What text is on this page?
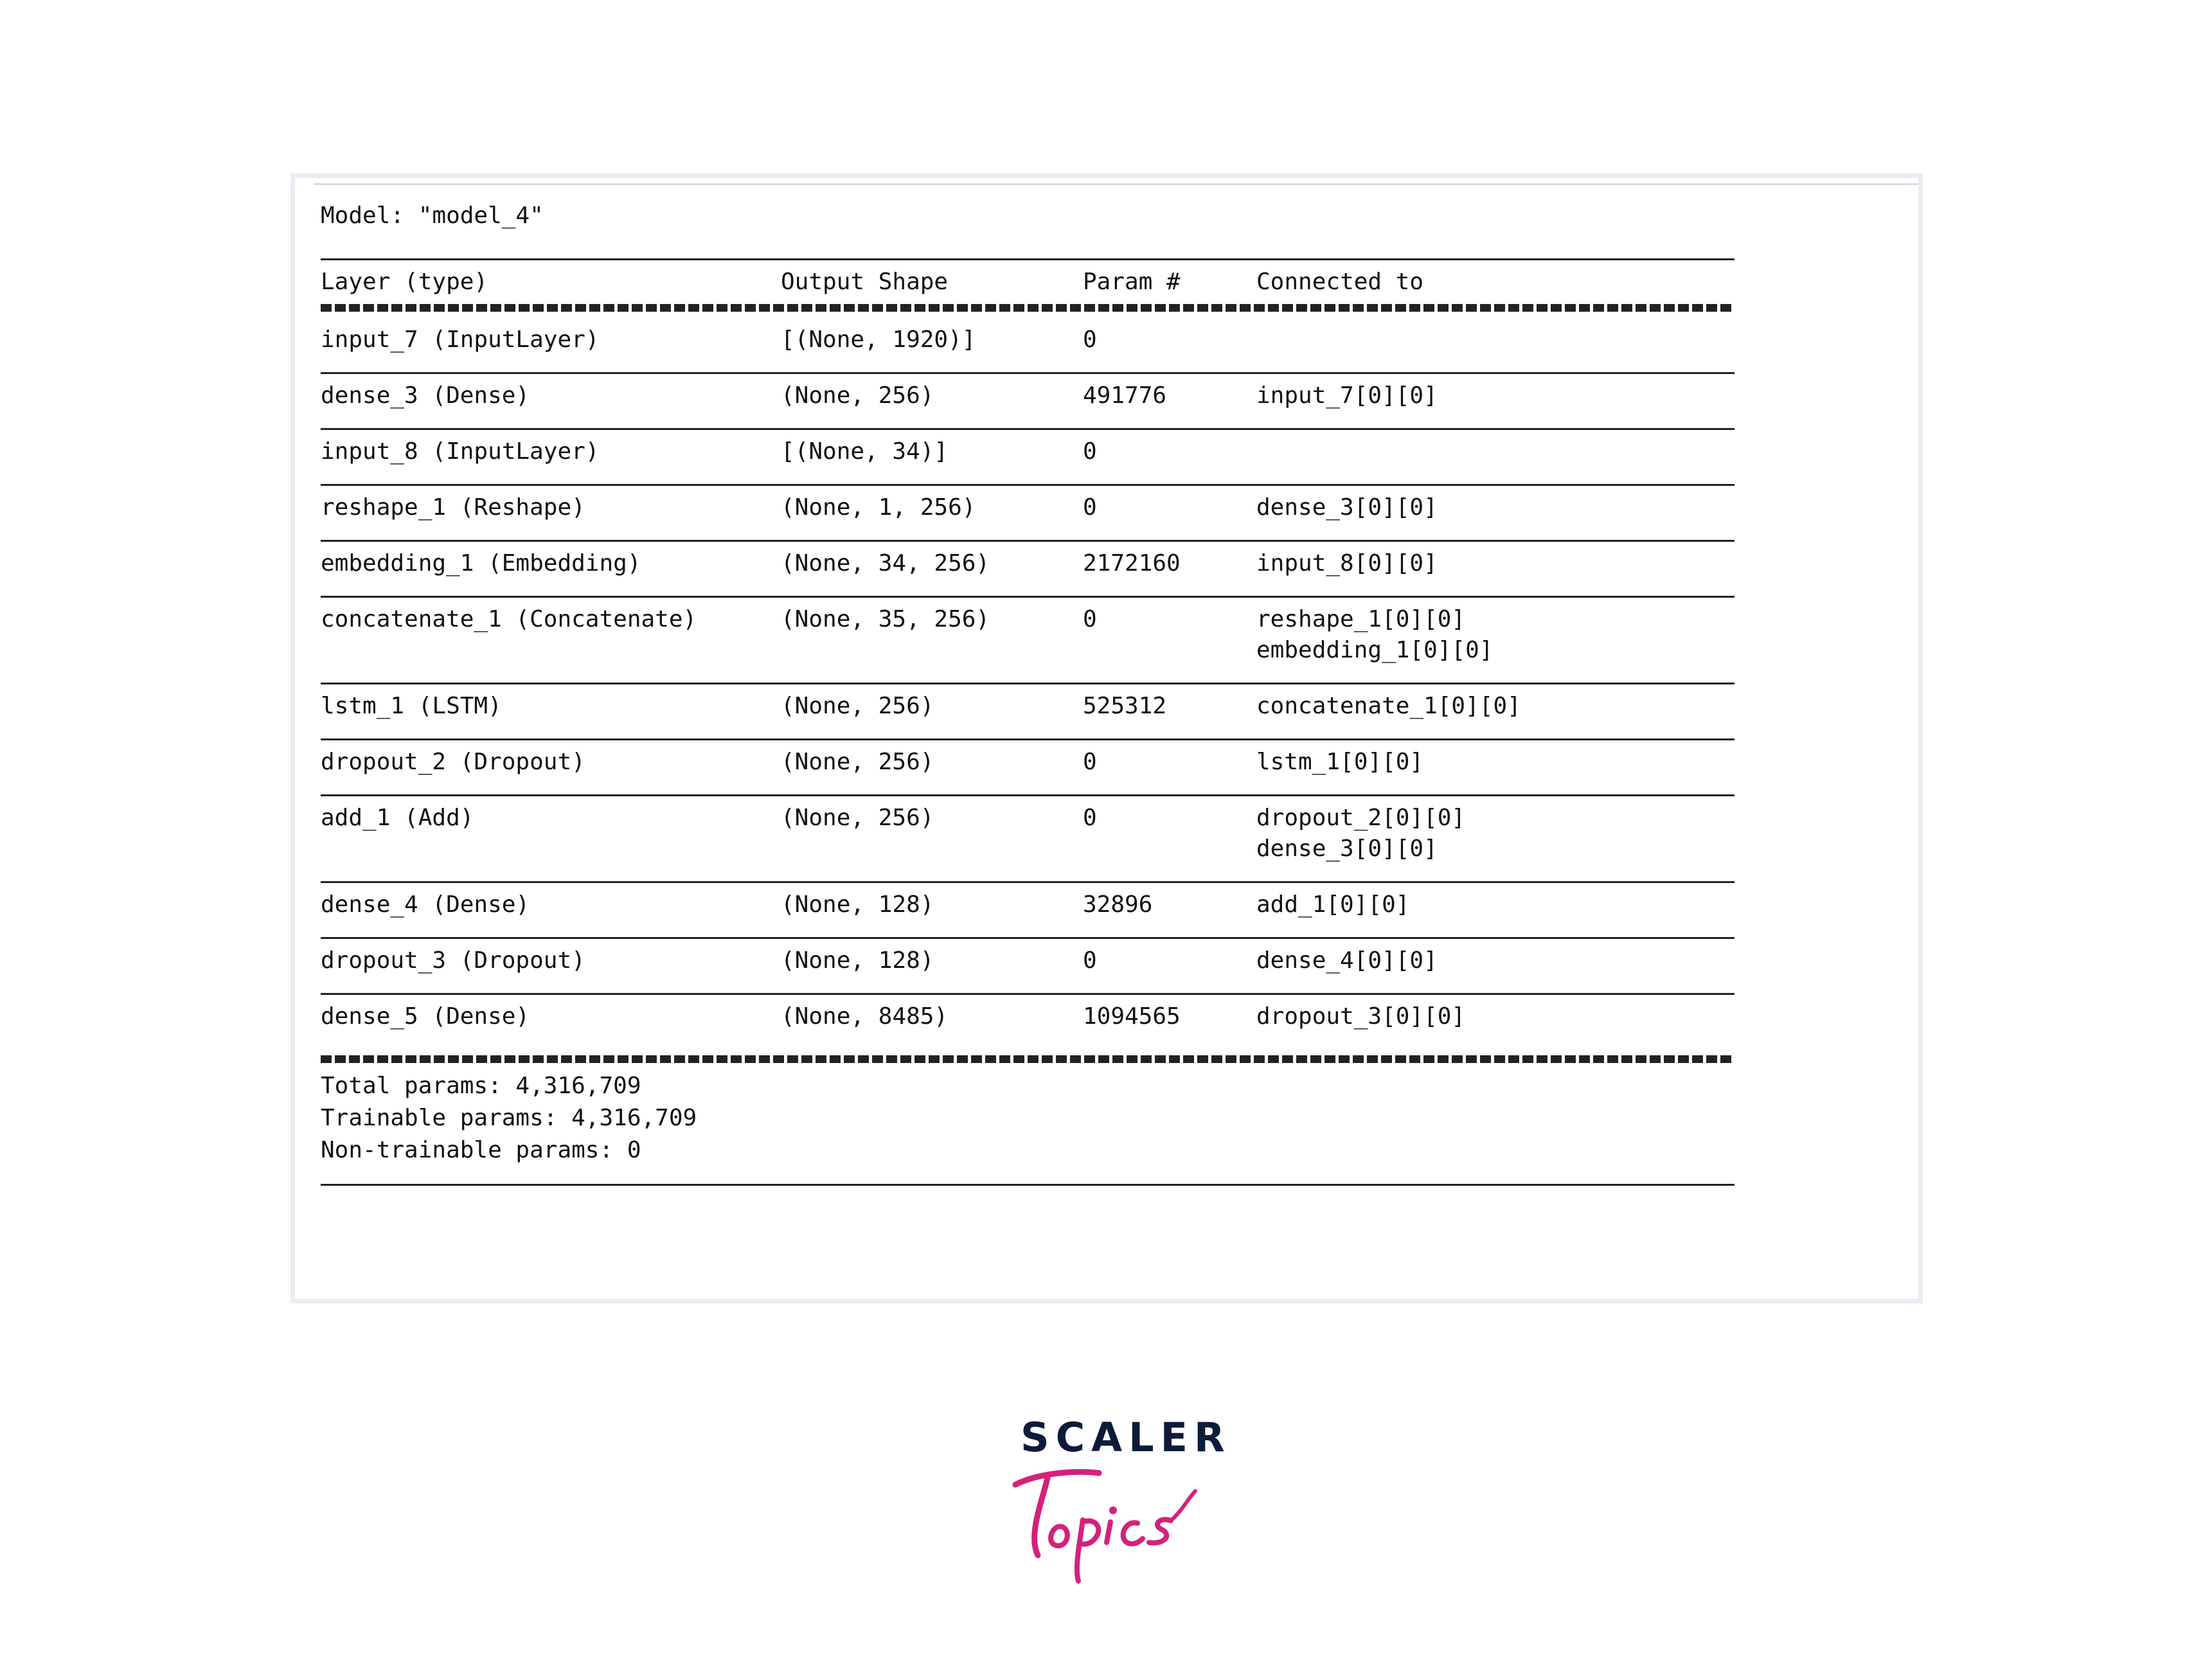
Model: "model_4"
Layer (type)	Output Shape	Param #	Connected to
input_7 (InputLayer)	[(None, 1920)]	0
dense_3 (Dense)	(None, 256)	491776	input_7[0][0]
input_8 (InputLayer)	[(None, 34)]	0
reshape_1 (Reshape)	(None, 1, 256)	0	dense_3[0][0]
embedding_1 (Embedding)	(None, 34, 256)	2172160	input_8[0][0]
concatenate_1 (Concatenate)	(None, 35, 256)	0	reshape_1[0][0]
embedding_1[0][0]
lstm_1 (LSTM)	(None, 256)	525312	concatenate_1[0][0]
dropout_2 (Dropout)	(None, 256)	0	lstm_1[0][0]
add_1 (Add)	(None, 256)	0	dropout_2[0][0]
dense_3[0][0]
dense_4 (Dense)	(None, 128)	32896	add_1[0][0]
dropout_3 (Dropout)	(None, 128)	0	dense_4[0][0]
dense_5 (Dense)	(None, 8485)	1094565	dropout_3[0][0]
Total params: 4,316,709
Trainable params: 4,316,709
Non-trainable params: 0
SCALER
